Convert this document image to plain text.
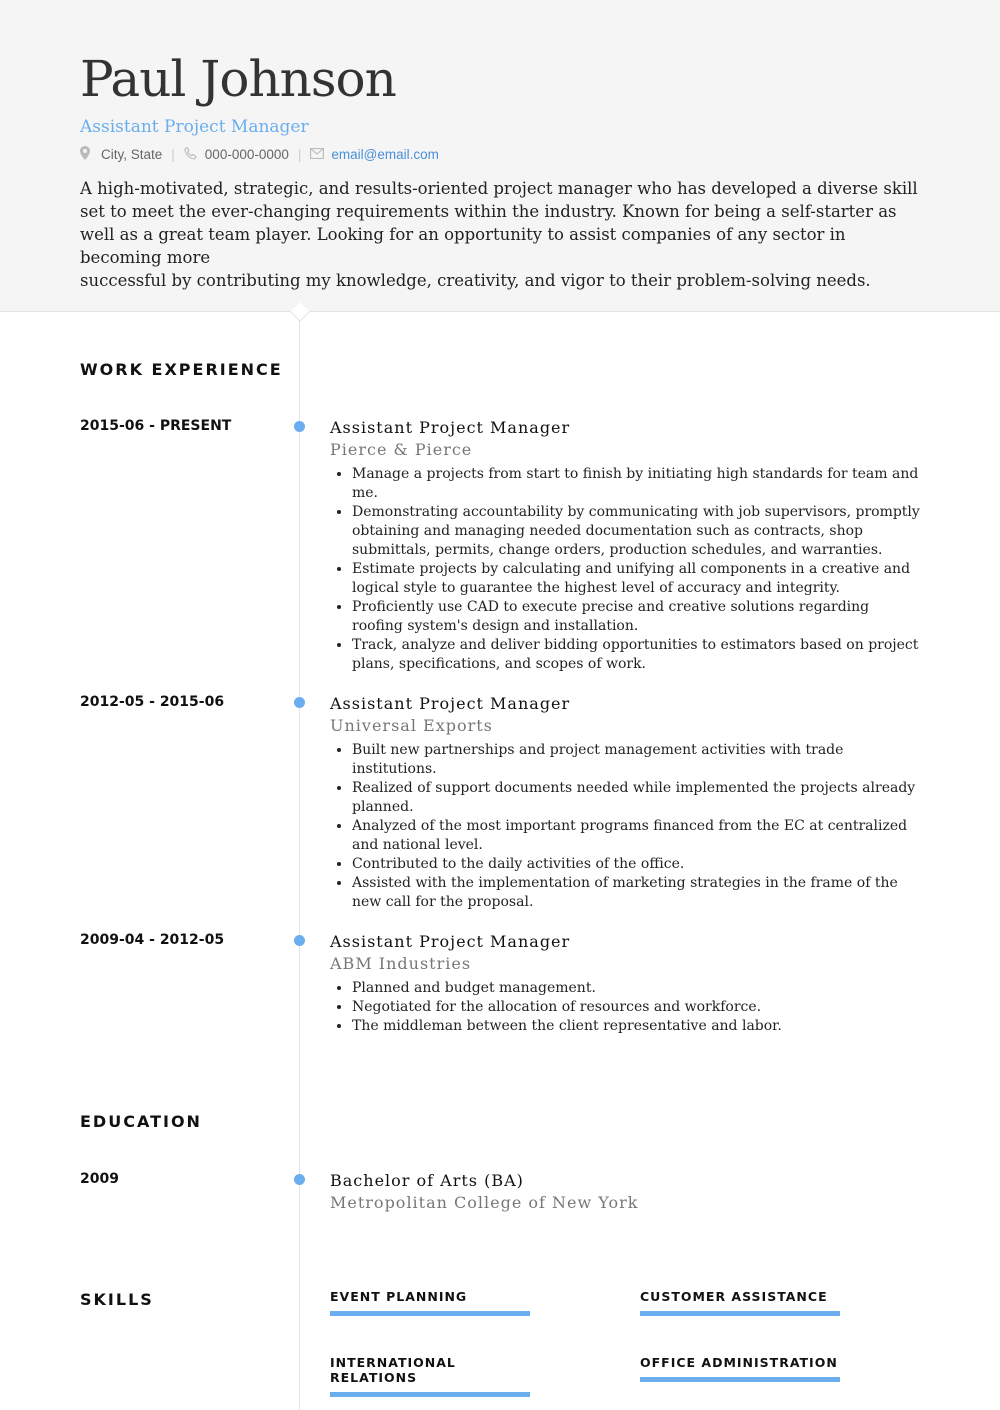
Paul Johnson
Assistant Project Manager
City, State | 000-000-0000 | email@email.com
A high-motivated, strategic, and results-oriented project manager who has developed a diverse skill set to meet the ever-changing requirements within the industry. Known for being a self-starter as well as a great team player. Looking for an opportunity to assist companies of any sector in becoming more
successful by contributing my knowledge, creativity, and vigor to their problem-solving needs.
WORK EXPERIENCE
2015-06 - PRESENT	Assistant Project Manager
Pierce & Pierce
• Manage a projects from start to finish by initiating high standards for team and me.
• Demonstrating accountability by communicating with job supervisors, promptly obtaining and managing needed documentation such as contracts, shop submittals, permits, change orders, production schedules, and warranties.
• Estimate projects by calculating and unifying all components in a creative and logical style to guarantee the highest level of accuracy and integrity.
• Proficiently use CAD to execute precise and creative solutions regarding roofing system's design and installation.
• Track, analyze and deliver bidding opportunities to estimators based on project plans, specifications, and scopes of work.
2012-05 - 2015-06	Assistant Project Manager
Universal Exports
• Built new partnerships and project management activities with trade institutions.
• Realized of support documents needed while implemented the projects already planned.
• Analyzed of the most important programs financed from the EC at centralized and national level.
• Contributed to the daily activities of the office.
• Assisted with the implementation of marketing strategies in the frame of the new call for the proposal.
2009-04 - 2012-05	Assistant Project Manager
ABM Industries
• Planned and budget management.
• Negotiated for the allocation of resources and workforce.
• The middleman between the client representative and labor.
EDUCATION
2009	Bachelor of Arts (BA)
Metropolitan College of New York
SKILLS	EVENT PLANNING	CUSTOMER ASSISTANCE
INTERNATIONAL RELATIONS
OFFICE ADMINISTRATION
